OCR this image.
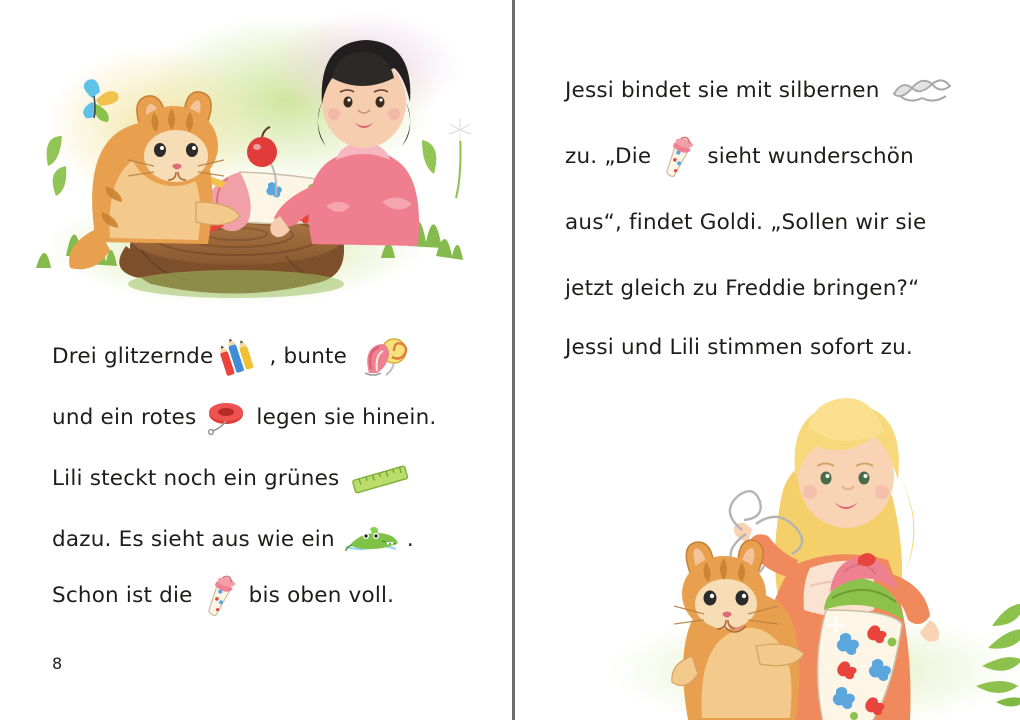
Drei glitzernde	, bunte
und ein rotes	legen sie hinein.
Lili steckt noch ein grünes
dazu. Es sieht aus wie ein	.
Schon ist die	bis oben voll.
8
Jessi bindet sie mit silbernen
zu. „Die	sieht wunderschön
aus“, findet Goldi. „Sollen wir sie
jetzt gleich zu Freddie bringen?“
Jessi und Lili stimmen sofort zu.
